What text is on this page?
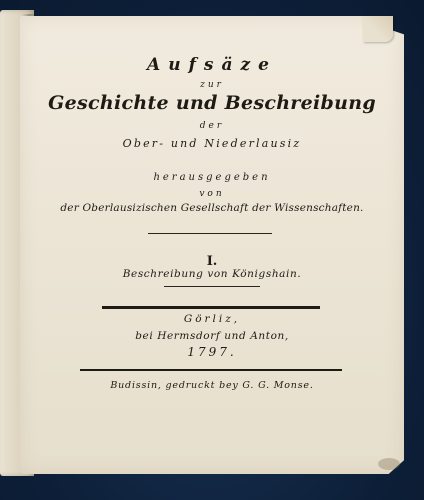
Aufsäze
zur
Geschichte und Beschreibung
der
Ober- und Niederlausiz
herausgegeben
von
der Oberlausizischen Gesellschaft der Wissenschaften.
I.
Beschreibung von Königshain.
Görliz,
bei Hermsdorf und Anton,
1797.
Budissin, gedruckt bey G. G. Monse.
